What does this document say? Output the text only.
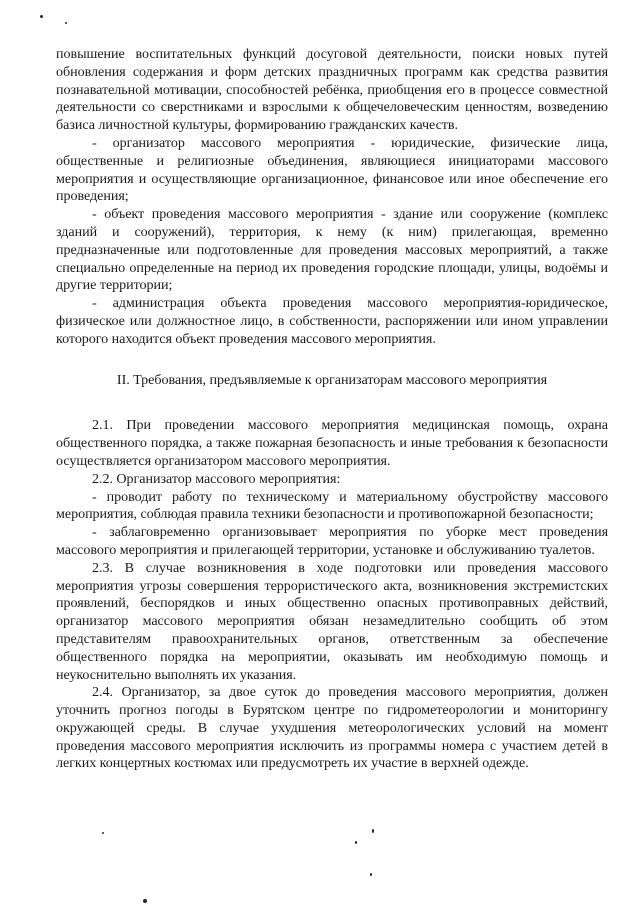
повышение воспитательных функций досуговой деятельности, поиски новых путей обновления содержания и форм детских праздничных программ как средства развития познавательной мотивации, способностей ребёнка, приобщения его в процессе совместной деятельности со сверстниками и взрослыми к общечеловеческим ценностям, возведению базиса личностной культуры, формированию гражданских качеств.

- организатор массового мероприятия - юридические, физические лица, общественные и религиозные объединения, являющиеся инициаторами массового мероприятия и осуществляющие организационное, финансовое или иное обеспечение его проведения;

- объект проведения массового мероприятия - здание или сооружение (комплекс зданий и сооружений), территория, к нему (к ним) прилегающая, временно предназначенные или подготовленные для проведения массовых мероприятий, а также специально определенные на период их проведения городские площади, улицы, водоёмы и другие территории;

- администрация объекта проведения массового мероприятия-юридическое, физическое или должностное лицо, в собственности, распоряжении или ином управлении которого находится объект проведения массового мероприятия.

II. Требования, предъявляемые к организаторам массового мероприятия

2.1. При проведении массового мероприятия медицинская помощь, охрана общественного порядка, а также пожарная безопасность и иные требования к безопасности осуществляется организатором массового мероприятия.

2.2. Организатор массового мероприятия:

- проводит работу по техническому и материальному обустройству массового мероприятия, соблюдая правила техники безопасности и противопожарной безопасности;

- заблаговременно организовывает мероприятия по уборке мест проведения массового мероприятия и прилегающей территории, установке и обслуживанию туалетов.

2.3. В случае возникновения в ходе подготовки или проведения массового мероприятия угрозы совершения террористического акта, возникновения экстремистских проявлений, беспорядков и иных общественно опасных противоправных действий, организатор массового мероприятия обязан незамедлительно сообщить об этом представителям правоохранительных органов, ответственным за обеспечение общественного порядка на мероприятии, оказывать им необходимую помощь и неукоснительно выполнять их указания.

2.4. Организатор, за двое суток до проведения массового мероприятия, должен уточнить прогноз погоды в Бурятском центре по гидрометеорологии и мониторингу окружающей среды. В случае ухудшения метеорологических условий на момент проведения массового мероприятия исключить из программы номера с участием детей в легких концертных костюмах или предусмотреть их участие в верхней одежде.
